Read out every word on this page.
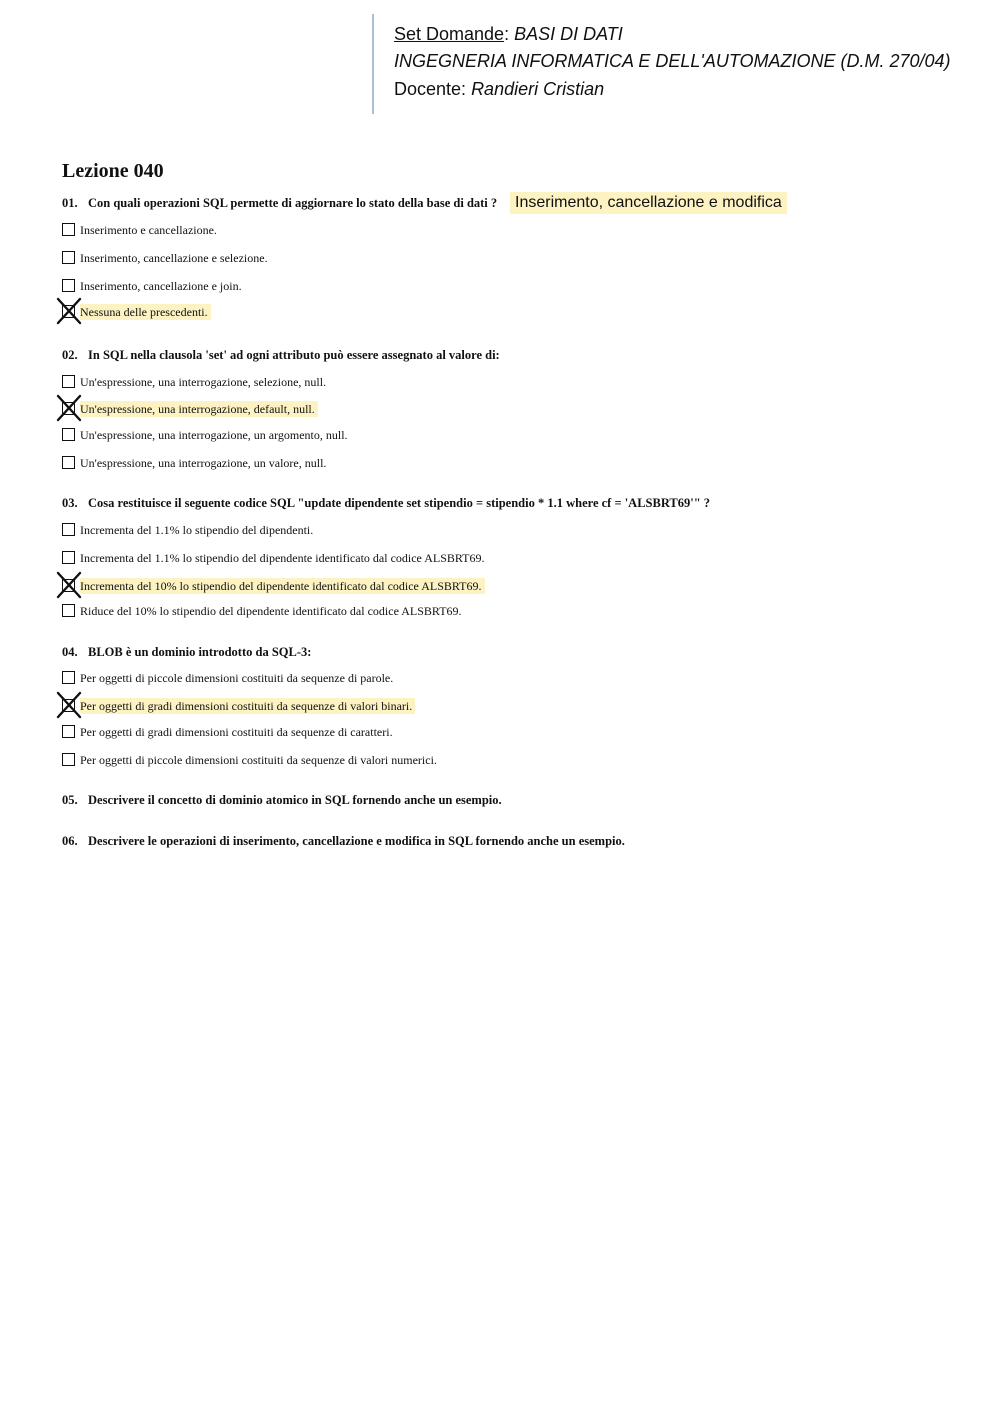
Set Domande: BASI DI DATI
INGEGNERIA INFORMATICA E DELL'AUTOMAZIONE (D.M. 270/04)
Docente: Randieri Cristian
Lezione 040
01. Con quali operazioni SQL permette di aggiornare lo stato della base di dati ?	Inserimento, cancellazione e modifica
Inserimento e cancellazione.
Inserimento, cancellazione e selezione.
Inserimento, cancellazione e join.
Nessuna delle prescedenti.
02. In SQL nella clausola 'set' ad ogni attributo può essere assegnato al valore di:
Un'espressione, una interrogazione, selezione, null.
Un'espressione, una interrogazione, default, null.
Un'espressione, una interrogazione, un argomento, null.
Un'espressione, una interrogazione, un valore, null.
03. Cosa restituisce il seguente codice SQL "update dipendente set stipendio = stipendio * 1.1 where cf = 'ALSBRT69'" ?
Incrementa del 1.1% lo stipendio del dipendenti.
Incrementa del 1.1% lo stipendio del dipendente identificato dal codice ALSBRT69.
Incrementa del 10% lo stipendio del dipendente identificato dal codice ALSBRT69.
Riduce del 10% lo stipendio del dipendente identificato dal codice ALSBRT69.
04. BLOB è un dominio introdotto da SQL-3:
Per oggetti di piccole dimensioni costituiti da sequenze di parole.
Per oggetti di gradi dimensioni costituiti da sequenze di valori binari.
Per oggetti di gradi dimensioni costituiti da sequenze di caratteri.
Per oggetti di piccole dimensioni costituiti da sequenze di valori numerici.
05. Descrivere il concetto di dominio atomico in SQL fornendo anche un esempio.
06. Descrivere le operazioni di inserimento, cancellazione e modifica in SQL fornendo anche un esempio.
